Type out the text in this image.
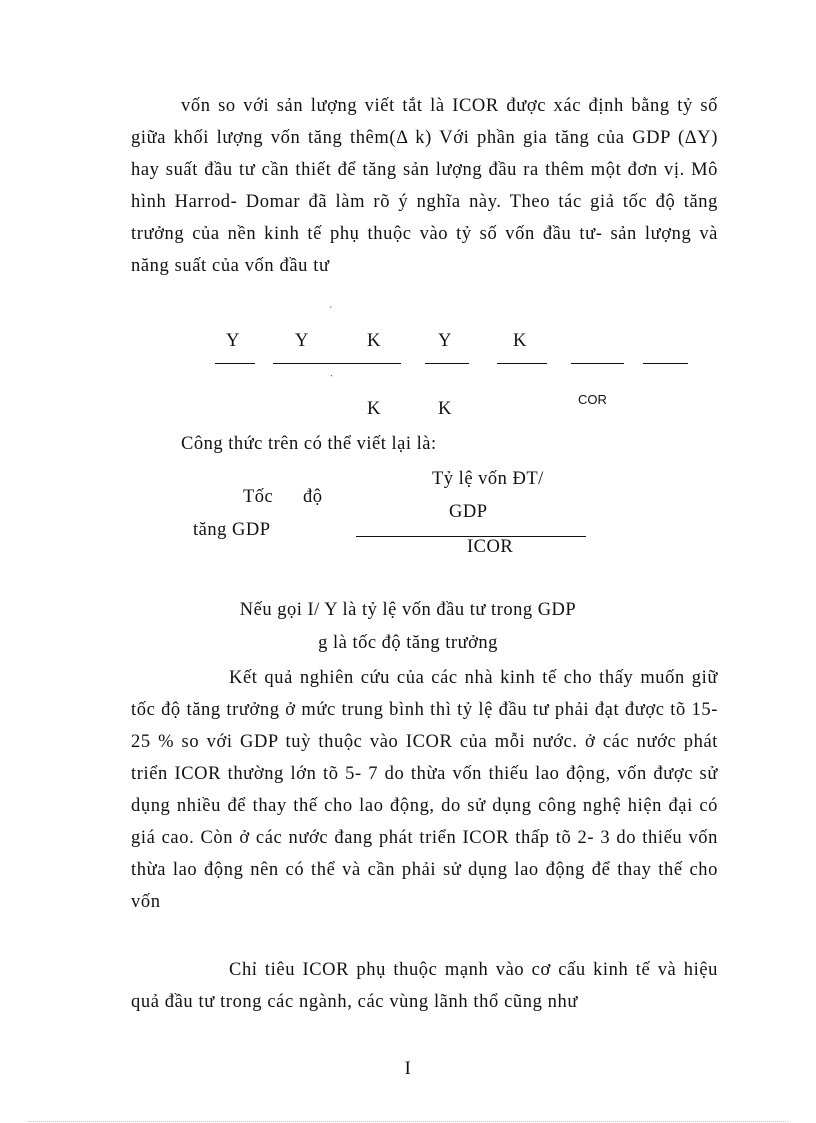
vốn so với sản lượng viết tắt là ICOR được xác định bằng tỷ số giữa khối lượng vốn tăng thêm(Δ k) Với phần gia tăng của GDP (ΔY) hay suất đầu tư cần thiết để tăng sản lượng đầu ra thêm một đơn vị. Mô hình Harrod- Domar đã làm rõ ý nghĩa này. Theo tác giả tốc độ tăng trưởng của nền kinh tế phụ thuộc vào tỷ số vốn đầu tư- sản lượng và năng suất của vốn đầu tư

ˊ
Y	Y	K	Y	K
ˎ
K	K	COR
Công thức trên có thể viết lại là:
Tốc độ
tăng GDP
Tỷ lệ vốn ĐT/
GDP
ICOR
Nếu gọi I/ Y là tỷ lệ vốn đầu tư trong GDP
g là tốc độ tăng trưởng

Kết quả nghiên cứu của các nhà kinh tế cho thấy muốn giữ tốc độ tăng trưởng ở mức trung bình thì tỷ lệ đầu tư phải đạt được tõ 15- 25 % so với GDP tuỳ thuộc vào ICOR của mỗi nước. ở các nước phát triển ICOR thường lớn tõ 5- 7 do thừa vốn thiếu lao động, vốn được sử dụng nhiều để thay thế cho lao động, do sử dụng công nghệ hiện đại có giá cao. Còn ở các nước đang phát triển ICOR thấp tõ 2- 3 do thiếu vốn thừa lao động nên có thể và cần phải sử dụng lao động để thay thế cho vốn

Chỉ tiêu ICOR phụ thuộc mạnh vào cơ cấu kinh tế và hiệu quả đầu tư trong các ngành, các vùng lãnh thổ cũng như

I
